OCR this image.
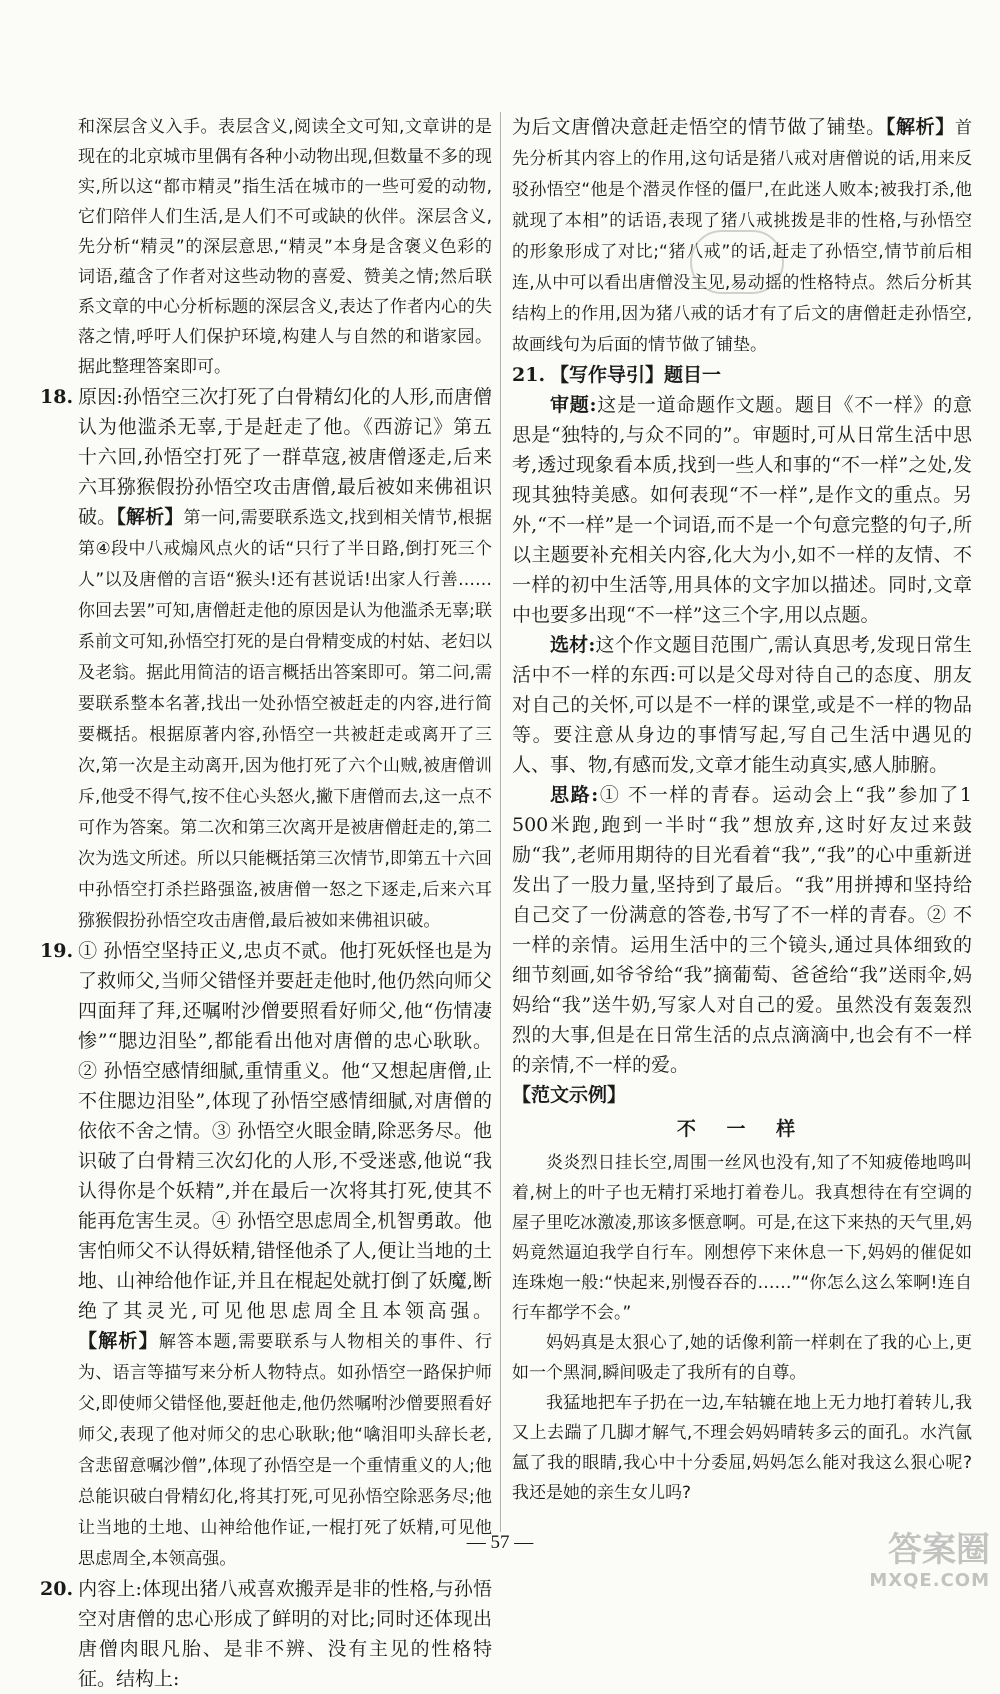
和深层含义入手。表层含义,阅读全文可知,文章讲的是现在的北京城市里偶有各种小动物出现,但数量不多的现实,所以这“都市精灵”指生活在城市的一些可爱的动物,它们陪伴人们生活,是人们不可或缺的伙伴。深层含义,先分析“精灵”的深层意思,“精灵”本身是含褒义色彩的词语,蕴含了作者对这些动物的喜爱、赞美之情;然后联系文章的中心分析标题的深层含义,表达了作者内心的失落之情,呼吁人们保护环境,构建人与自然的和谐家园。据此整理答案即可。

18. 原因:孙悟空三次打死了白骨精幻化的人形,而唐僧认为他滥杀无辜,于是赶走了他。《西游记》第五十六回,孙悟空打死了一群草寇,被唐僧逐走,后来六耳猕猴假扮孙悟空攻击唐僧,最后被如来佛祖识破。【解析】第一问,需要联系选文,找到相关情节,根据第④段中八戒煽风点火的话“只行了半日路,倒打死三个人”以及唐僧的言语“猴头!还有甚说话!出家人行善……你回去罢”可知,唐僧赶走他的原因是认为他滥杀无辜;联系前文可知,孙悟空打死的是白骨精变成的村姑、老妇以及老翁。据此用简洁的语言概括出答案即可。第二问,需要联系整本名著,找出一处孙悟空被赶走的内容,进行简要概括。根据原著内容,孙悟空一共被赶走或离开了三次,第一次是主动离开,因为他打死了六个山贼,被唐僧训斥,他受不得气,按不住心头怒火,撇下唐僧而去,这一点不可作为答案。第二次和第三次离开是被唐僧赶走的,第二次为选文所述。所以只能概括第三次情节,即第五十六回中孙悟空打杀拦路强盗,被唐僧一怒之下逐走,后来六耳猕猴假扮孙悟空攻击唐僧,最后被如来佛祖识破。

19. ① 孙悟空坚持正义,忠贞不贰。他打死妖怪也是为了救师父,当师父错怪并要赶走他时,他仍然向师父四面拜了拜,还嘱咐沙僧要照看好师父,他“伤情凄惨”“腮边泪坠”,都能看出他对唐僧的忠心耿耿。② 孙悟空感情细腻,重情重义。他“又想起唐僧,止不住腮边泪坠”,体现了孙悟空感情细腻,对唐僧的依依不舍之情。③ 孙悟空火眼金睛,除恶务尽。他识破了白骨精三次幻化的人形,不受迷惑,他说“我认得你是个妖精”,并在最后一次将其打死,使其不能再危害生灵。④ 孙悟空思虑周全,机智勇敢。他害怕师父不认得妖精,错怪他杀了人,便让当地的土地、山神给他作证,并且在棍起处就打倒了妖魔,断绝了其灵光,可见他思虑周全且本领高强。【解析】解答本题,需要联系与人物相关的事件、行为、语言等描写来分析人物特点。如孙悟空一路保护师父,即使师父错怪他,要赶他走,他仍然嘱咐沙僧要照看好师父,表现了他对师父的忠心耿耿;他“噙泪叩头辞长老,含悲留意嘱沙僧”,体现了孙悟空是一个重情重义的人;他总能识破白骨精幻化,将其打死,可见孙悟空除恶务尽;他让当地的土地、山神给他作证,一棍打死了妖精,可见他思虑周全,本领高强。

20. 内容上:体现出猪八戒喜欢搬弄是非的性格,与孙悟空对唐僧的忠心形成了鲜明的对比;同时还体现出唐僧肉眼凡胎、是非不辨、没有主见的性格特征。结构上:

为后文唐僧决意赶走悟空的情节做了铺垫。【解析】首先分析其内容上的作用,这句话是猪八戒对唐僧说的话,用来反驳孙悟空“他是个潜灵作怪的僵尸,在此迷人败本;被我打杀,他就现了本相”的话语,表现了猪八戒挑拨是非的性格,与孙悟空的形象形成了对比;“猪八戒”的话,赶走了孙悟空,情节前后相连,从中可以看出唐僧没主见,易动摇的性格特点。然后分析其结构上的作用,因为猪八戒的话才有了后文的唐僧赶走孙悟空,故画线句为后面的情节做了铺垫。

21. 【写作导引】题目一

审题:这是一道命题作文题。题目《不一样》的意思是“独特的,与众不同的”。审题时,可从日常生活中思考,透过现象看本质,找到一些人和事的“不一样”之处,发现其独特美感。如何表现“不一样”,是作文的重点。另外,“不一样”是一个词语,而不是一个句意完整的句子,所以主题要补充相关内容,化大为小,如不一样的友情、不一样的初中生活等,用具体的文字加以描述。同时,文章中也要多出现“不一样”这三个字,用以点题。

选材:这个作文题目范围广,需认真思考,发现日常生活中不一样的东西:可以是父母对待自己的态度、朋友对自己的关怀,可以是不一样的课堂,或是不一样的物品等。要注意从身边的事情写起,写自己生活中遇见的人、事、物,有感而发,文章才能生动真实,感人肺腑。

思路:① 不一样的青春。运动会上“我”参加了1 500米跑,跑到一半时“我”想放弃,这时好友过来鼓励“我”,老师用期待的目光看着“我”,“我”的心中重新迸发出了一股力量,坚持到了最后。“我”用拼搏和坚持给自己交了一份满意的答卷,书写了不一样的青春。② 不一样的亲情。运用生活中的三个镜头,通过具体细致的细节刻画,如爷爷给“我”摘葡萄、爸爸给“我”送雨伞,妈妈给“我”送牛奶,写家人对自己的爱。虽然没有轰轰烈烈的大事,但是在日常生活的点点滴滴中,也会有不一样的亲情,不一样的爱。

【范文示例】

不 一 样

炎炎烈日挂长空,周围一丝风也没有,知了不知疲倦地鸣叫着,树上的叶子也无精打采地打着卷儿。我真想待在有空调的屋子里吃冰激凌,那该多惬意啊。可是,在这下来热的天气里,妈妈竟然逼迫我学自行车。刚想停下来休息一下,妈妈的催促如连珠炮一般:“快起来,别慢吞吞的……”“你怎么这么笨啊!连自行车都学不会。”

妈妈真是太狠心了,她的话像利箭一样刺在了我的心上,更如一个黑洞,瞬间吸走了我所有的自尊。

我猛地把车子扔在一边,车轱辘在地上无力地打着转儿,我又上去踹了几脚才解气,不理会妈妈晴转多云的面孔。水汽氤氲了我的眼睛,我心中十分委屈,妈妈怎么能对我这么狠心呢?我还是她的亲生女儿吗?

— 57 —	答案圈
MXQE.COM
